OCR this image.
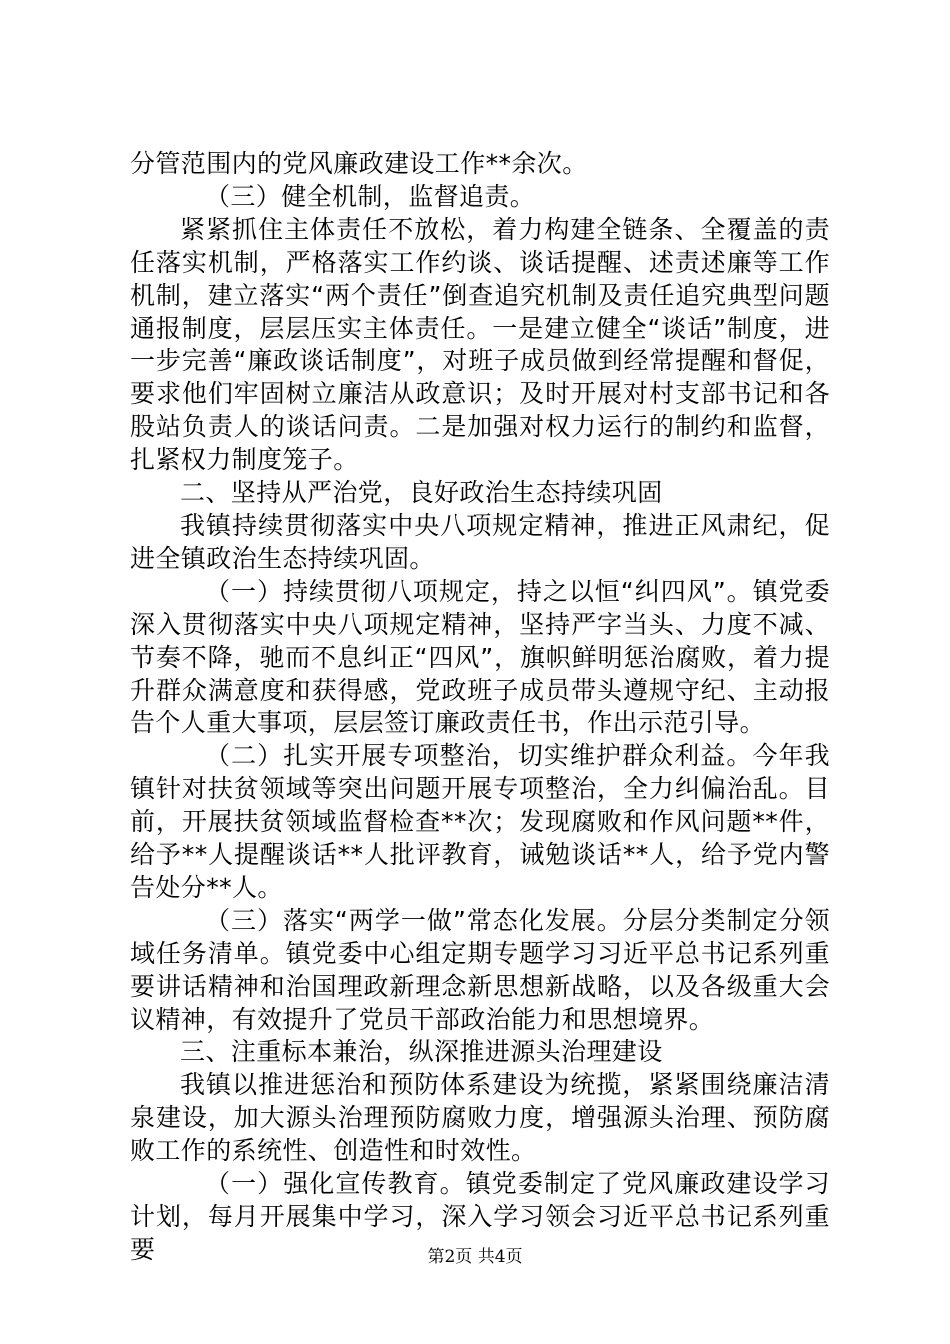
分管范围内的党风廉政建设工作**余次。

（三）健全机制，监督追责。

紧紧抓住主体责任不放松，着力构建全链条、全覆盖的责任落实机制，严格落实工作约谈、谈话提醒、述责述廉等工作机制，建立落实“两个责任”倒查追究机制及责任追究典型问题通报制度，层层压实主体责任。一是建立健全“谈话”制度，进一步完善“廉政谈话制度”，对班子成员做到经常提醒和督促，要求他们牢固树立廉洁从政意识；及时开展对村支部书记和各股站负责人的谈话问责。二是加强对权力运行的制约和监督，扎紧权力制度笼子。

二、坚持从严治党，良好政治生态持续巩固

我镇持续贯彻落实中央八项规定精神，推进正风肃纪，促进全镇政治生态持续巩固。

（一）持续贯彻八项规定，持之以恒“纠四风”。镇党委深入贯彻落实中央八项规定精神，坚持严字当头、力度不减、节奏不降，驰而不息纠正“四风”，旗帜鲜明惩治腐败，着力提升群众满意度和获得感，党政班子成员带头遵规守纪、主动报告个人重大事项，层层签订廉政责任书，作出示范引导。

（二）扎实开展专项整治，切实维护群众利益。今年我镇针对扶贫领域等突出问题开展专项整治，全力纠偏治乱。目前，开展扶贫领域监督检查**次；发现腐败和作风问题**件，给予**人提醒谈话**人批评教育，诫勉谈话**人，给予党内警告处分**人。

（三）落实“两学一做”常态化发展。分层分类制定分领域任务清单。镇党委中心组定期专题学习习近平总书记系列重要讲话精神和治国理政新理念新思想新战略，以及各级重大会议精神，有效提升了党员干部政治能力和思想境界。

三、注重标本兼治，纵深推进源头治理建设

我镇以推进惩治和预防体系建设为统揽，紧紧围绕廉洁清泉建设，加大源头治理预防腐败力度，增强源头治理、预防腐败工作的系统性、创造性和时效性。

（一）强化宣传教育。镇党委制定了党风廉政建设学习计划，每月开展集中学习，深入学习领会习近平总书记系列重要	第2页 共4页
